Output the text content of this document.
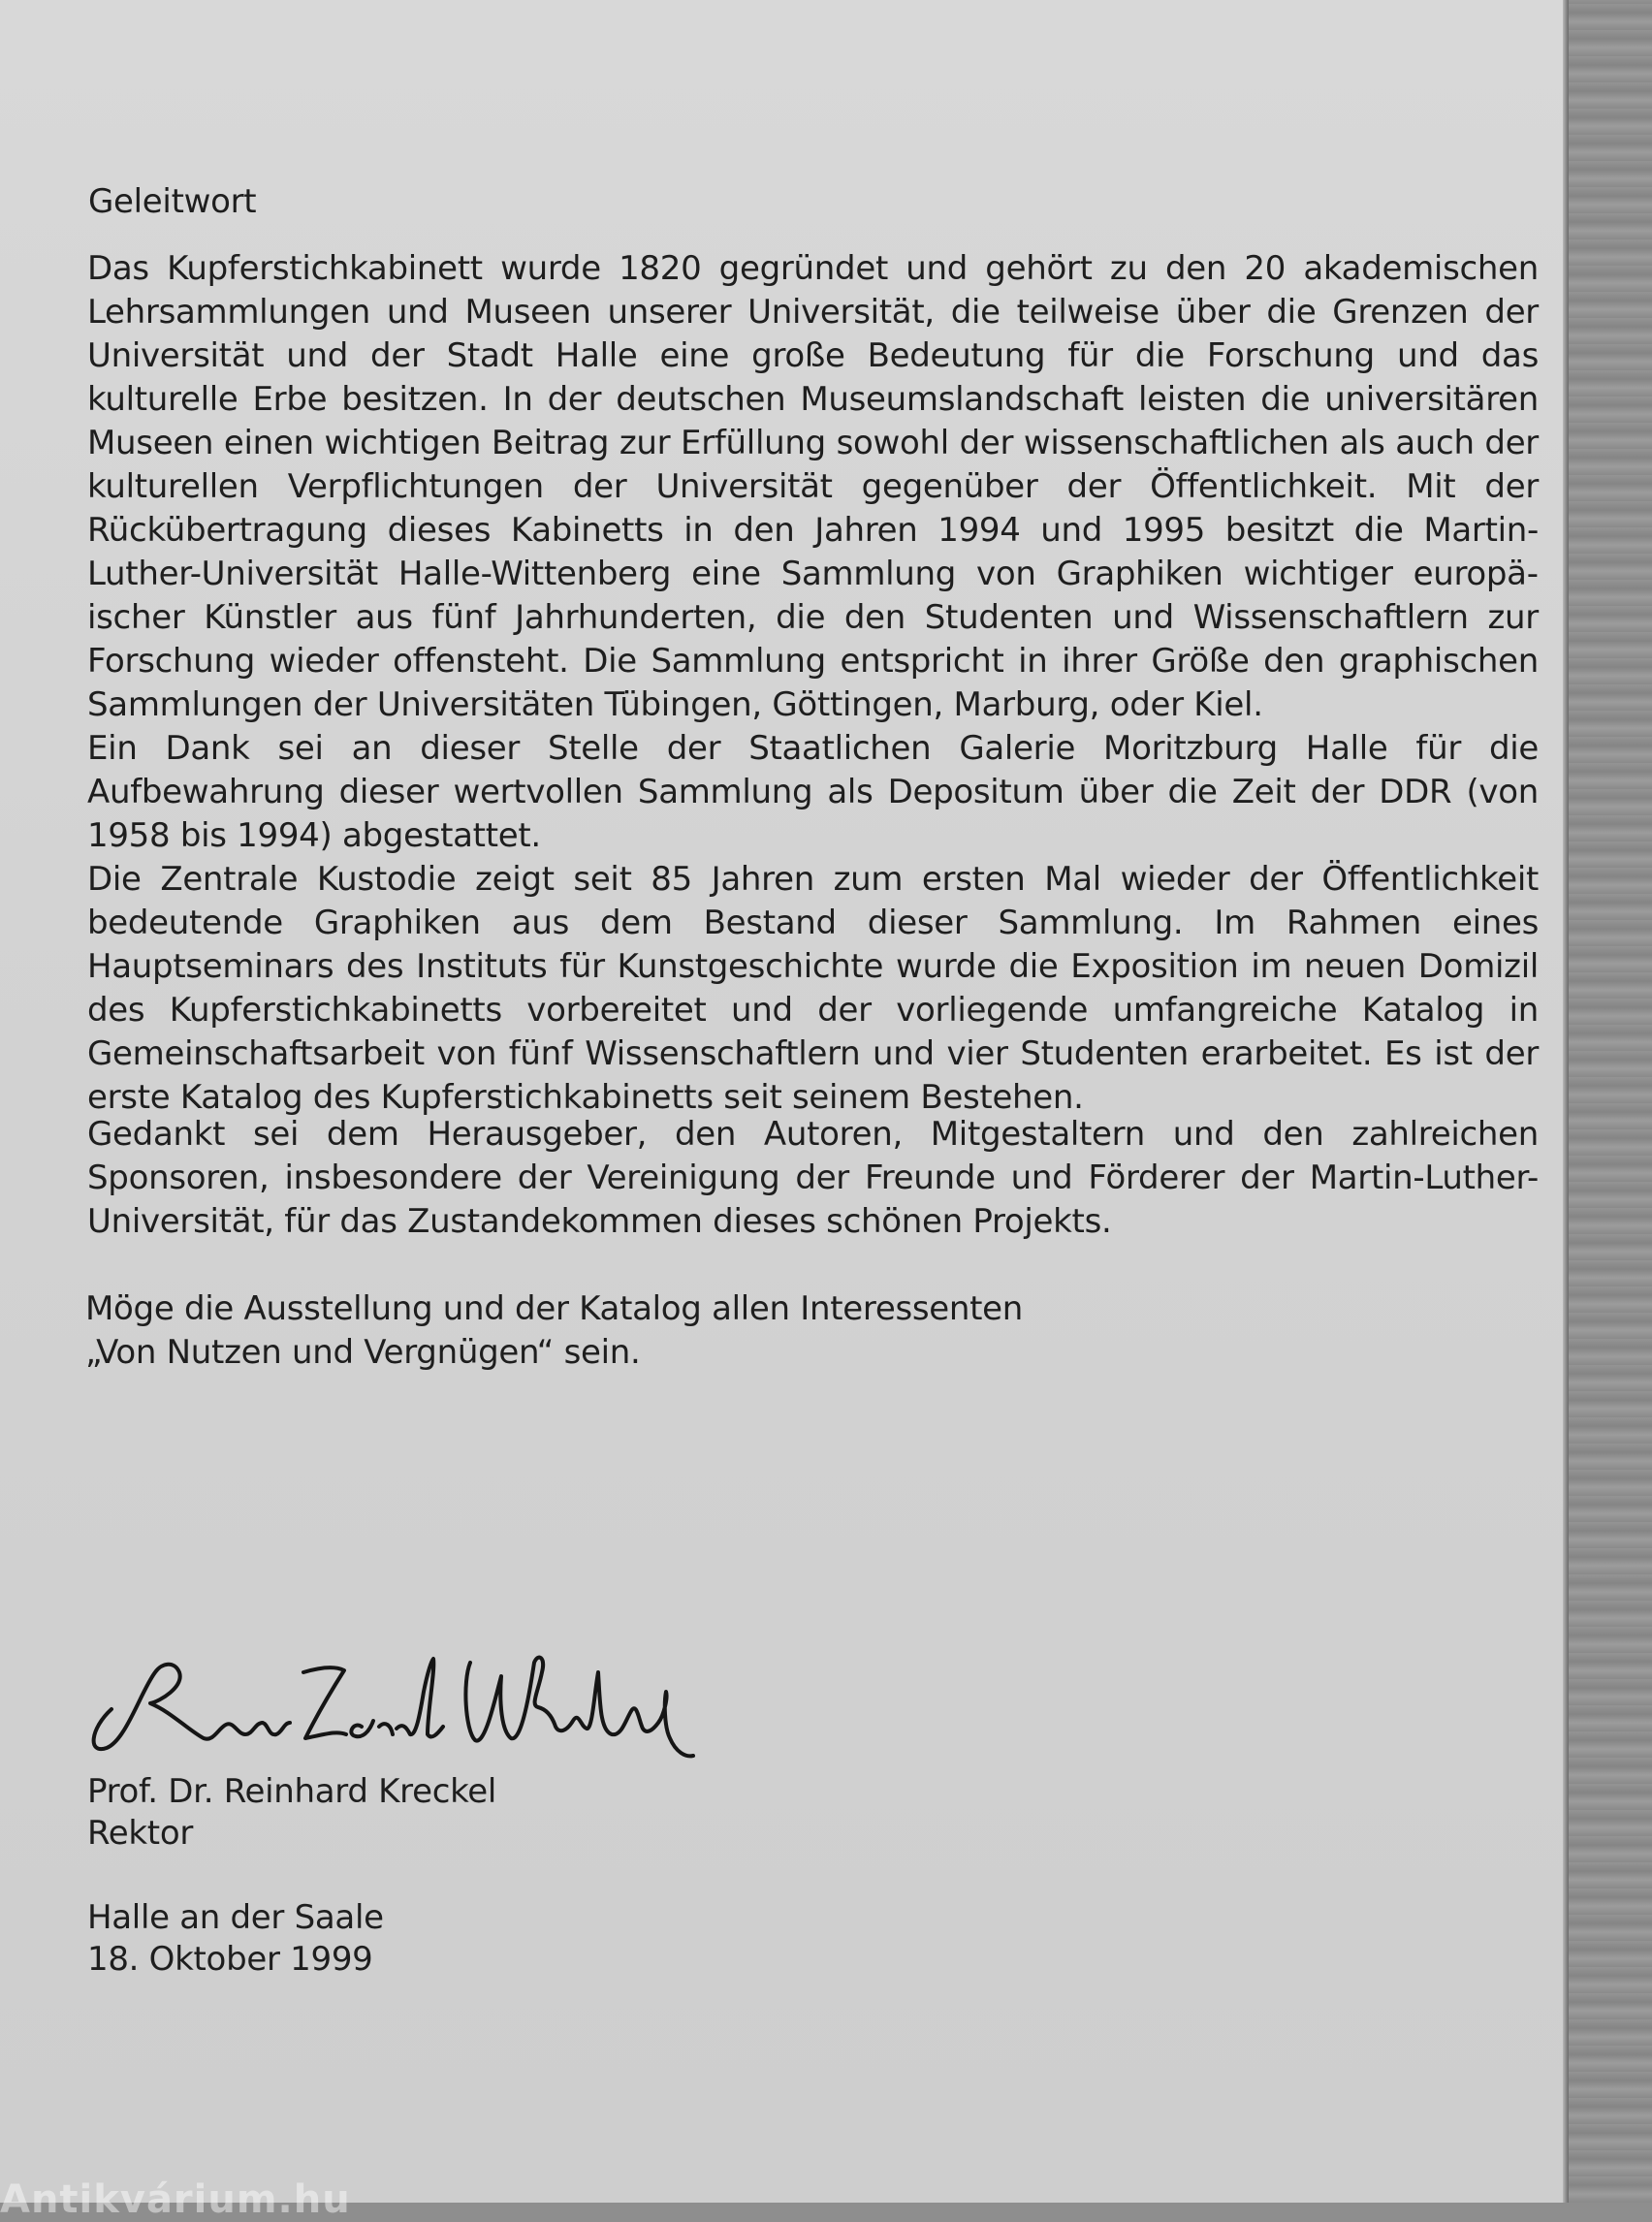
Geleitwort

Das Kupferstichkabinett wurde 1820 gegründet und gehört zu den 20 akademischen Lehrsammlungen und Museen unserer Universität, die teilweise über die Grenzen der Universität und der Stadt Halle eine große Bedeutung für die Forschung und das kulturelle Erbe besitzen. In der deutschen Museumslandschaft leisten die universitären Museen einen wichtigen Beitrag zur Erfüllung sowohl der wissenschaftlichen als auch der kulturellen Verpflichtungen der Universität gegenüber der Öffentlichkeit. Mit der Rückübertragung dieses Kabinetts in den Jahren 1994 und 1995 besitzt die Martin-Luther-Universität Halle-Wittenberg eine Sammlung von Graphiken wichtiger europäischer Künstler aus fünf Jahrhunderten, die den Studenten und Wissenschaftlern zur Forschung wieder offensteht. Die Sammlung entspricht in ihrer Größe den graphischen Sammlungen der Universitäten Tübingen, Göttingen, Marburg, oder Kiel.

Ein Dank sei an dieser Stelle der Staatlichen Galerie Moritzburg Halle für die Aufbewahrung dieser wertvollen Sammlung als Depositum über die Zeit der DDR (von 1958 bis 1994) abgestattet.

Die Zentrale Kustodie zeigt seit 85 Jahren zum ersten Mal wieder der Öffentlichkeit bedeutende Graphiken aus dem Bestand dieser Sammlung. Im Rahmen eines Hauptseminars des Instituts für Kunstgeschichte wurde die Exposition im neuen Domizil des Kupferstichkabinetts vorbereitet und der vorliegende umfangreiche Katalog in Gemeinschaftsarbeit von fünf Wissenschaftlern und vier Studenten erarbeitet. Es ist der erste Katalog des Kupferstichkabinetts seit seinem Bestehen.

Gedankt sei dem Herausgeber, den Autoren, Mitgestaltern und den zahlreichen Sponsoren, insbesondere der Vereinigung der Freunde und Förderer der Martin-Luther-Universität, für das Zustandekommen dieses schönen Projekts.

Möge die Ausstellung und der Katalog allen Interessenten „Von Nutzen und Vergnügen“ sein.

Prof. Dr. Reinhard Kreckel
Rektor
Halle an der Saale
18. Oktober 1999
Antikvárium.hu
